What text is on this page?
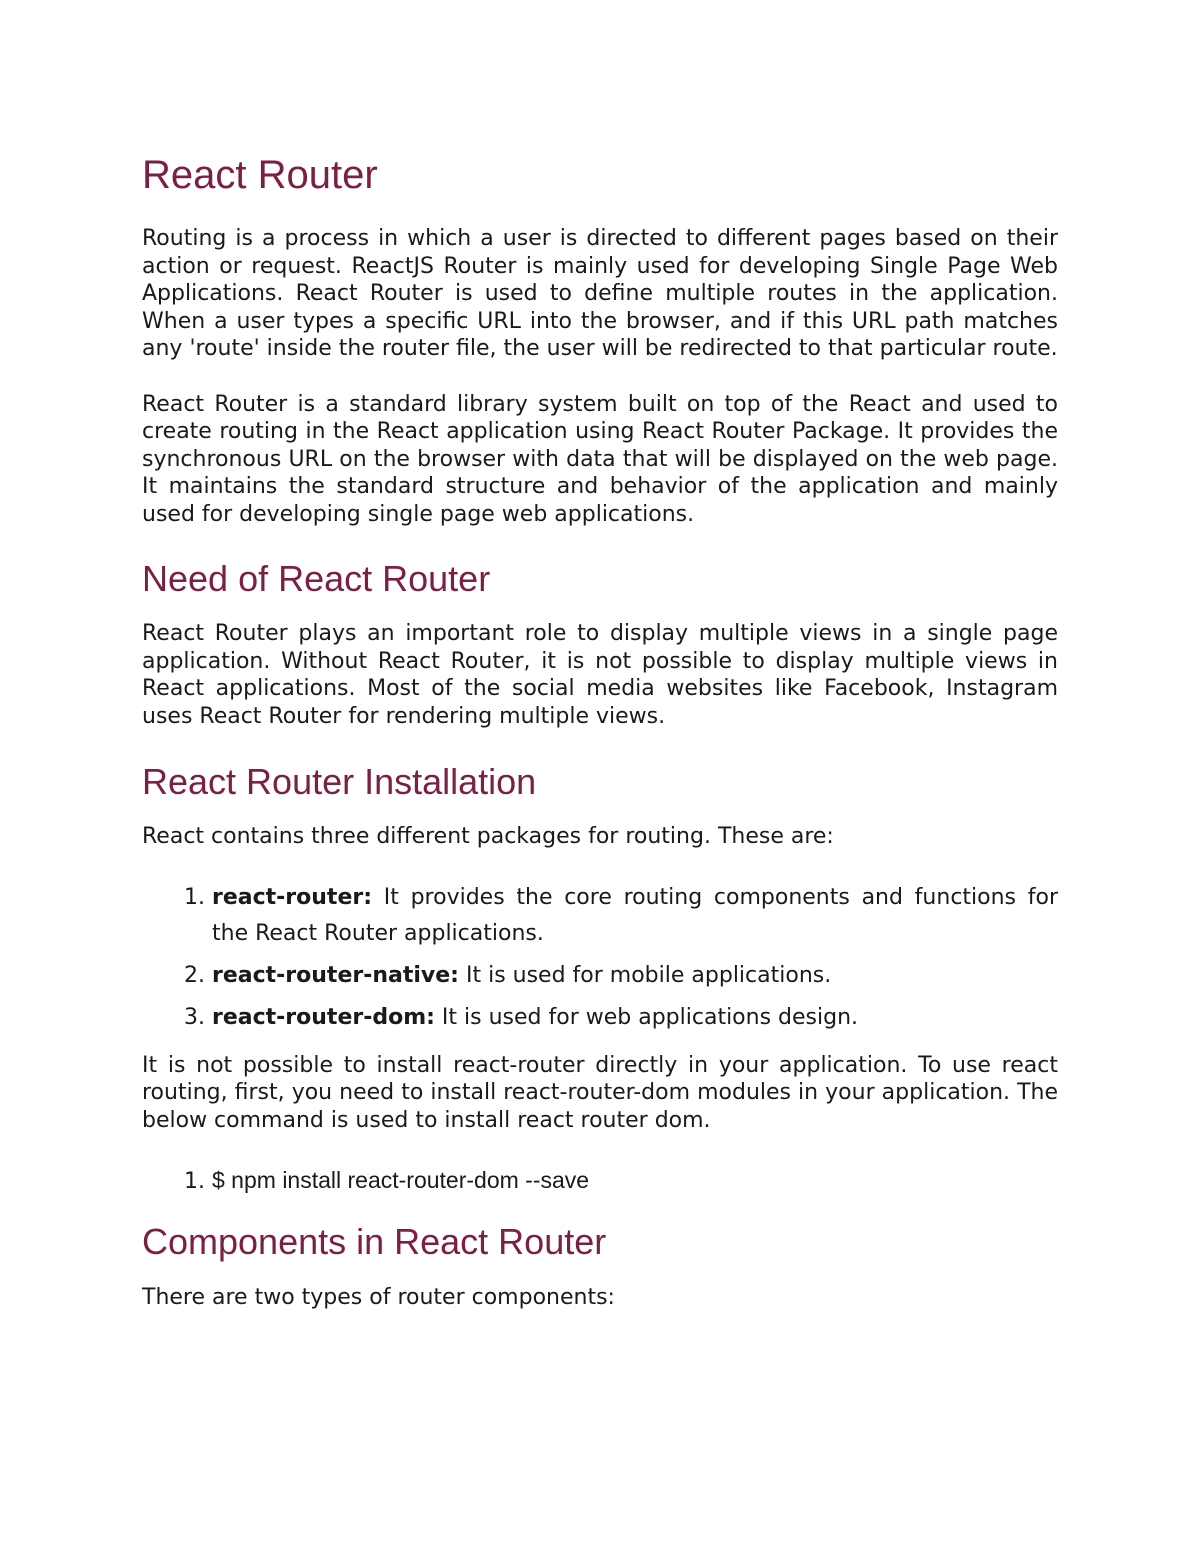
React Router

Routing is a process in which a user is directed to different pages based on their action or request. ReactJS Router is mainly used for developing Single Page Web Applications. React Router is used to define multiple routes in the application. When a user types a specific URL into the browser, and if this URL path matches any 'route' inside the router file, the user will be redirected to that particular route.

React Router is a standard library system built on top of the React and used to create routing in the React application using React Router Package. It provides the synchronous URL on the browser with data that will be displayed on the web page. It maintains the standard structure and behavior of the application and mainly used for developing single page web applications.

Need of React Router

React Router plays an important role to display multiple views in a single page application. Without React Router, it is not possible to display multiple views in React applications. Most of the social media websites like Facebook, Instagram uses React Router for rendering multiple views.

React Router Installation

React contains three different packages for routing. These are:

1. react-router: It provides the core routing components and functions for the React Router applications.
2. react-router-native: It is used for mobile applications.
3. react-router-dom: It is used for web applications design.

It is not possible to install react-router directly in your application. To use react routing, first, you need to install react-router-dom modules in your application. The below command is used to install react router dom.

1. $ npm install react-router-dom --save
Components in React Router

There are two types of router components:
